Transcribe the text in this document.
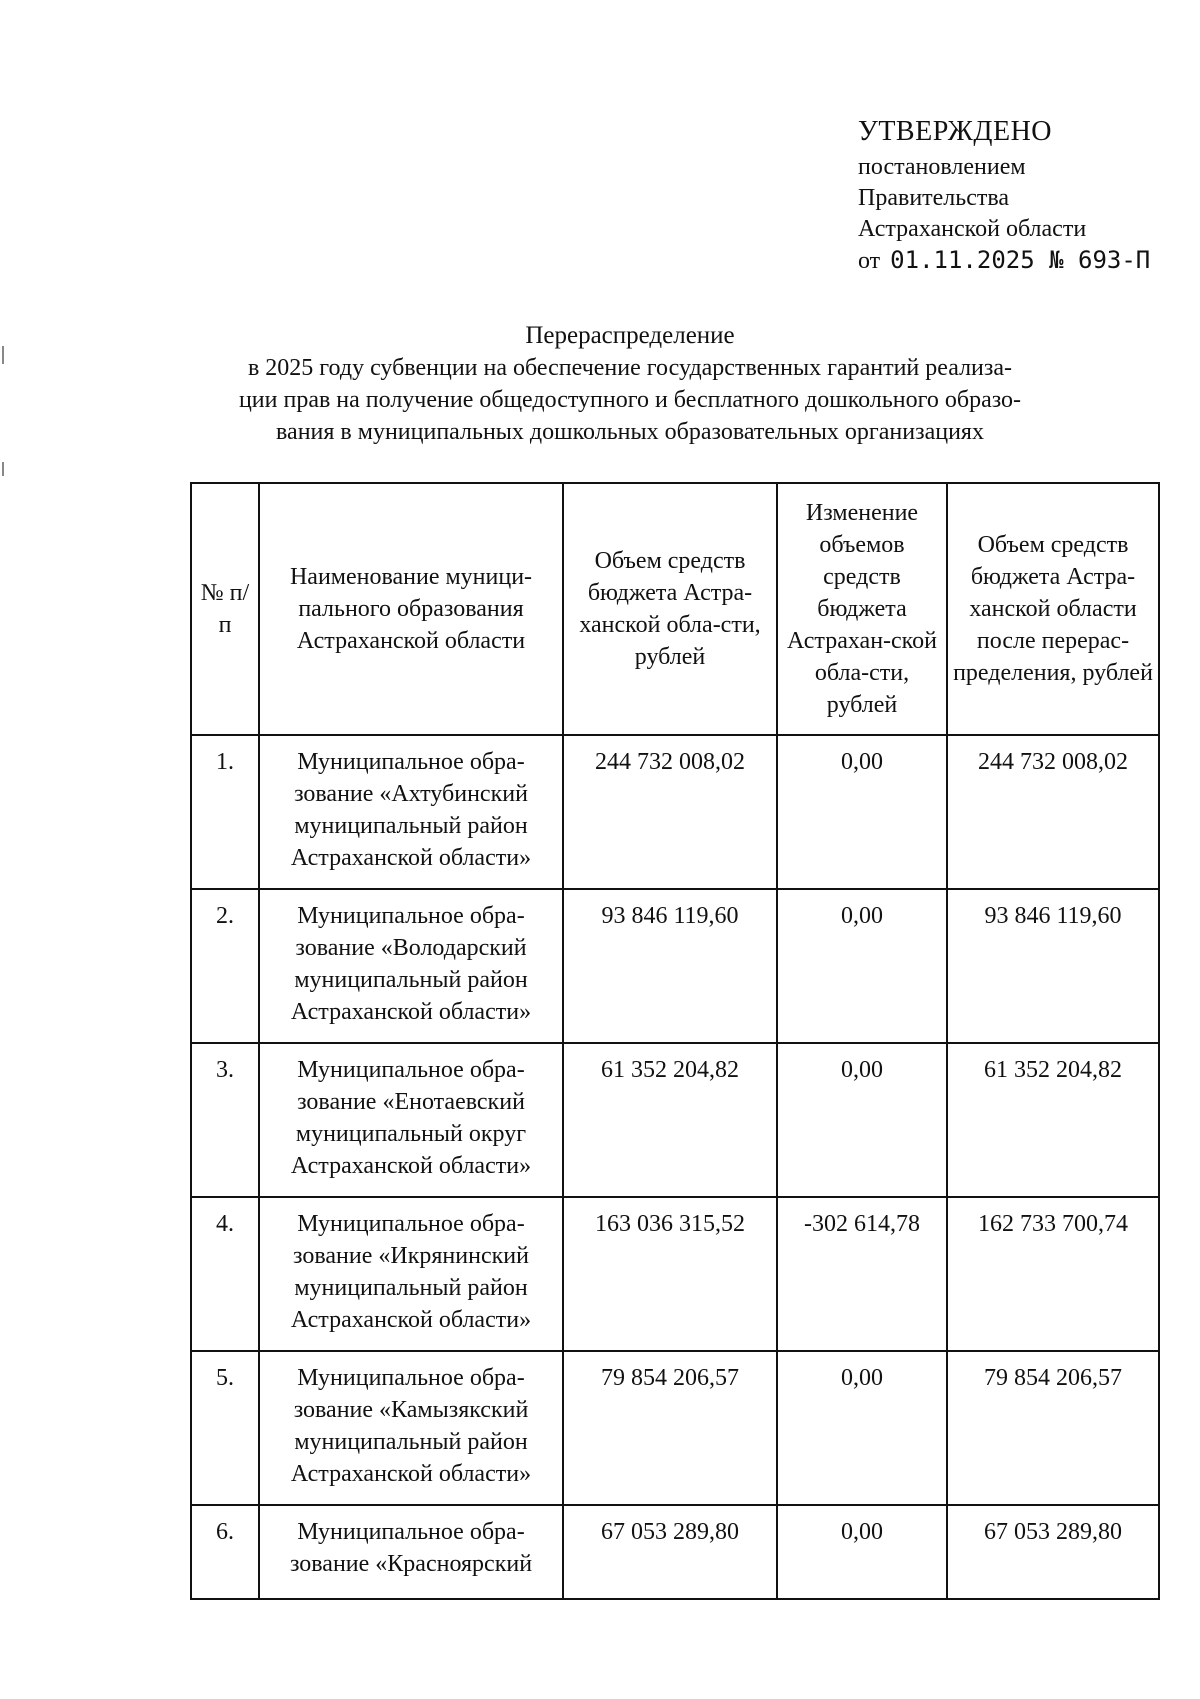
УТВЕРЖДЕНО
постановлением
Правительства
Астраханской области
от 01.11.2025 № 693-П
Перераспределение
в 2025 году субвенции на обеспечение государственных гарантий реализа-
ции прав на получение общедоступного и бесплатного дошкольного образо-
вания в муниципальных дошкольных образовательных организациях
№ п/п	Наименование муници-пального образования Астраханской области	Объем средств бюджета Астра-ханской обла-сти, рублей	Изменение объемов средств бюджета Астрахан-ской обла-сти, рублей	Объем средств бюджета Астра-ханской области после перерас-пределения, рублей
1.	Муниципальное обра-зование «Ахтубинский муниципальный район Астраханской области»	244 732 008,02	0,00	244 732 008,02
2.	Муниципальное обра-зование «Володарский муниципальный район Астраханской области»	93 846 119,60	0,00	93 846 119,60
3.	Муниципальное обра-зование «Енотаевский муниципальный округ Астраханской области»	61 352 204,82	0,00	61 352 204,82
4.	Муниципальное обра-зование «Икрянинский муниципальный район Астраханской области»	163 036 315,52	-302 614,78	162 733 700,74
5.	Муниципальное обра-зование «Камызякский муниципальный район Астраханской области»	79 854 206,57	0,00	79 854 206,57
6.	Муниципальное обра-зование «Красноярский	67 053 289,80	0,00	67 053 289,80
